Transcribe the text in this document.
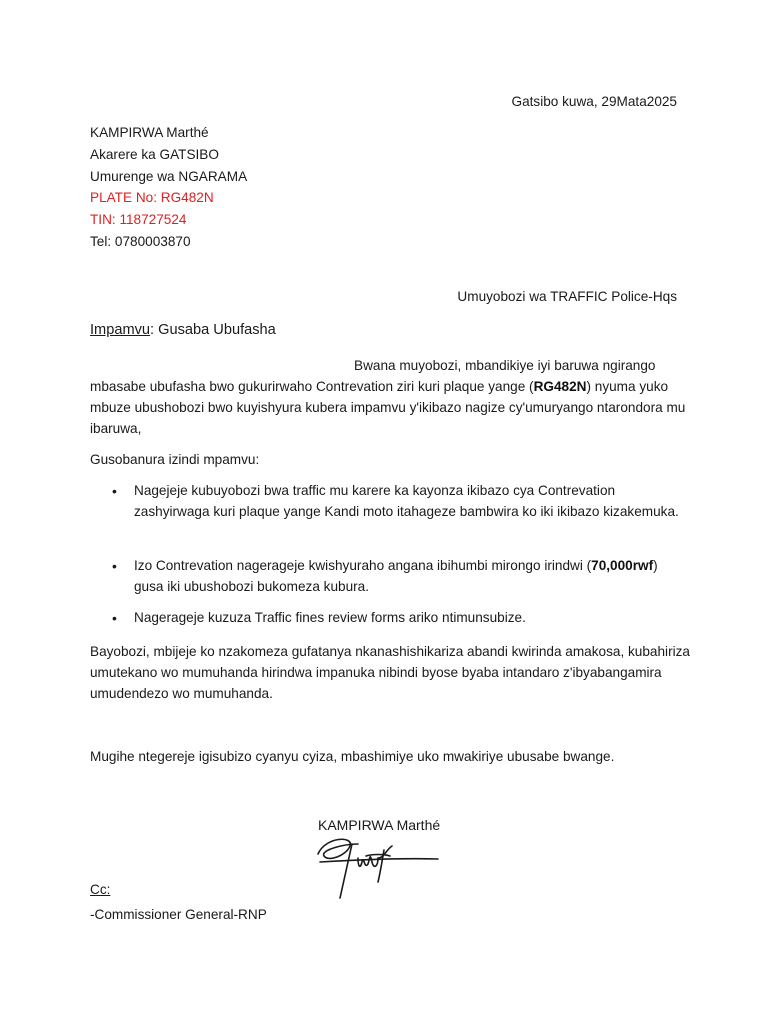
Gatsibo kuwa, 29Mata2025
KAMPIRWA Marthé
Akarere ka GATSIBO
Umurenge wa NGARAMA
PLATE No: RG482N
TIN: 118727524
Tel: 0780003870
Umuyobozi wa TRAFFIC Police-Hqs
Impamvu: Gusaba Ubufasha
Bwana muyobozi, mbandikiye iyi baruwa ngirango
mbasabe ubufasha bwo gukurirwaho Contrevation ziri kuri plaque yange (RG482N) nyuma yuko mbuze ubushobozi bwo kuyishyura kubera impamvu y'ikibazo nagize cy'umuryango ntarondora mu ibaruwa,
Gusobanura izindi mpamvu:
• Nagejeje kubuyobozi bwa traffic mu karere ka kayonza ikibazo cya Contrevation zashyirwaga kuri plaque yange Kandi moto itahageze bambwira ko iki ikibazo kizakemuka.
• Izo Contrevation nagerageje kwishyuraho angana ibihumbi mirongo irindwi (70,000rwf) gusa iki ubushobozi bukomeza kubura.
• Nagerageje kuzuza Traffic fines review forms ariko ntimunsubize.
Bayobozi, mbijeje ko nzakomeza gufatanya nkanashishikariza abandi kwirinda amakosa, kubahiriza umutekano wo mumuhanda hirindwa impanuka nibindi byose byaba intandaro z'ibyabangamira umudendezo wo mumuhanda.
Mugihe ntegereje igisubizo cyanyu cyiza, mbashimiye uko mwakiriye ubusabe bwange.
KAMPIRWA Marthé
Cc:
-Commissioner General-RNP
